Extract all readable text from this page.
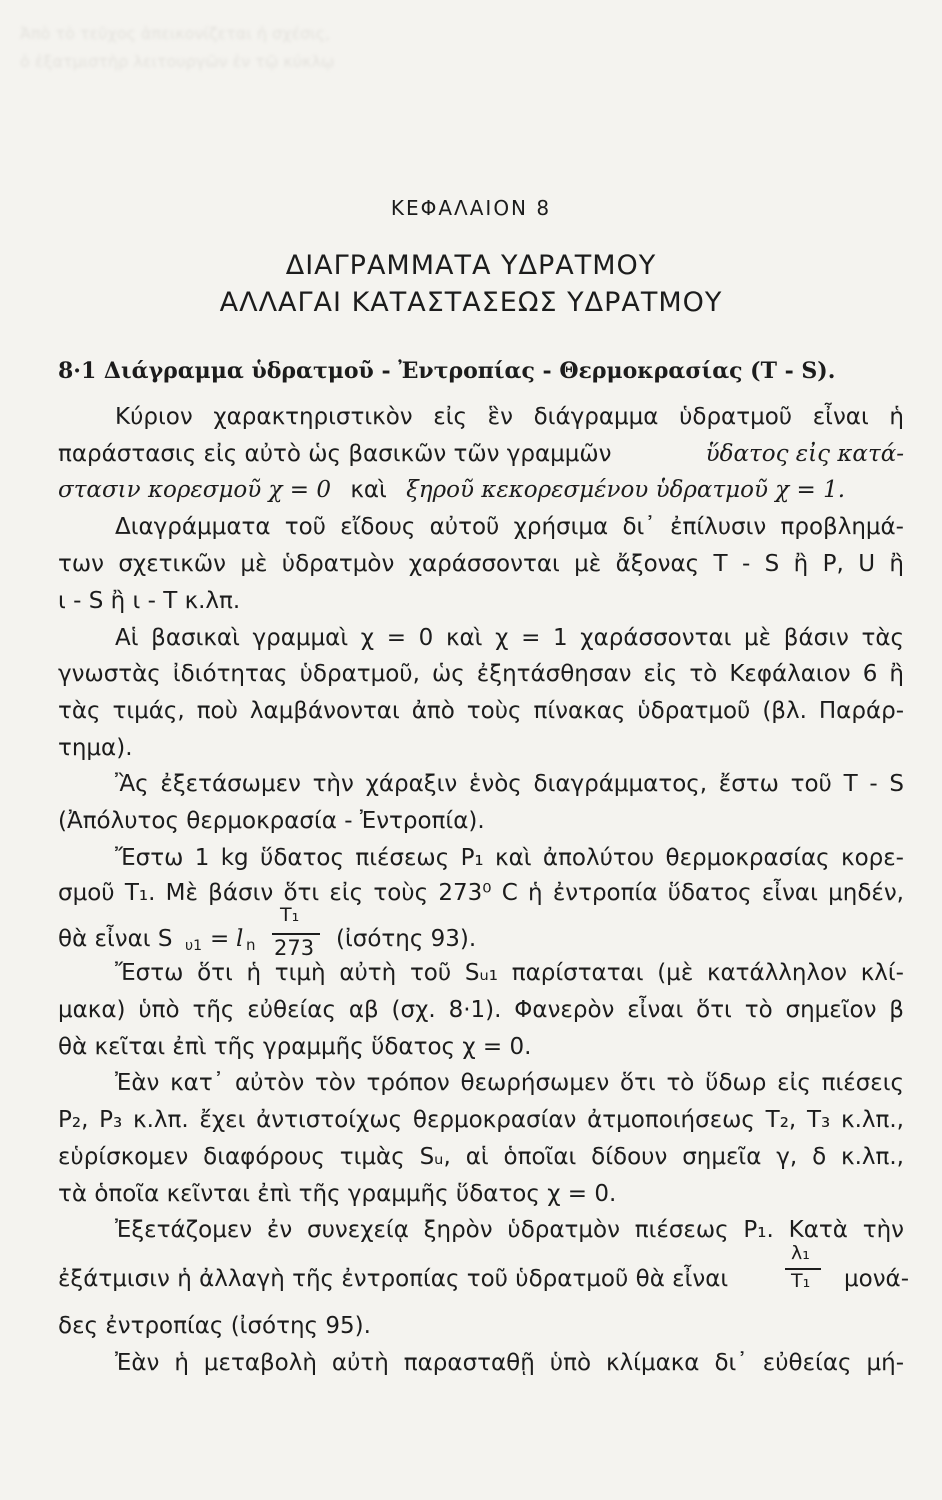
Ἀπὸ τὸ τεῦχος ἀπεικονίζεται ἡ σχέσις,
ὁ ἐξατμιστὴρ λειτουργῶν ἐν τῷ κύκλῳ
ΚΕΦΑΛΑΙΟΝ 8
ΔΙΑΓΡΑΜΜΑΤΑ ΥΔΡΑΤΜΟΥ
ΑΛΛΑΓΑΙ ΚΑΤΑΣΤΑΣΕΩΣ ΥΔΡΑΤΜΟΥ
8·1 Διάγραμμα ὑδρατμοῦ - Ἐντροπίας - Θερμοκρασίας (T - S).
Κύριον χαρακτηριστικὸν εἰς ἓν διάγραμμα ὑδρατμοῦ εἶναι ἡ
παράστασις εἰς αὐτὸ ὡς βασικῶν τῶν γραμμῶν	ὕδατος εἰς κατά-
στασιν κορεσμοῦ χ = 0 καὶ ξηροῦ κεκορεσμένου ὑδρατμοῦ χ = 1.
Διαγράμματα τοῦ εἴδους αὐτοῦ χρήσιμα δι᾽ ἐπίλυσιν προβλημά-
των σχετικῶν μὲ ὑδρατμὸν χαράσσονται μὲ ἄξονας T - S ἢ P, U ἢ
ι - S ἢ ι - T κ.λπ.
Αἱ βασικαὶ γραμμαὶ χ = 0 καὶ χ = 1 χαράσσονται μὲ βάσιν τὰς
γνωστὰς ἰδιότητας ὑδρατμοῦ, ὡς ἐξητάσθησαν εἰς τὸ Κεφάλαιον 6 ἢ
τὰς τιμάς, ποὺ λαμβάνονται ἀπὸ τοὺς πίνακας ὑδρατμοῦ (βλ. Παράρ-
τημα).
Ἂς ἐξετάσωμεν τὴν χάραξιν ἑνὸς διαγράμματος, ἔστω τοῦ T - S
(Ἀπόλυτος θερμοκρασία - Ἐντροπία).
Ἔστω 1 kg ὕδατος πιέσεως P₁ καὶ ἀπολύτου θερμοκρασίας κορε-
σμοῦ T₁. Μὲ βάσιν ὅτι εἰς τοὺς 273⁰ C ἡ ἐντροπία ὕδατος εἶναι μηδέν,
θὰ εἶναι S υ1 = l n
T₁
273 (ἰσότης 93).
Ἔστω ὅτι ἡ τιμὴ αὐτὴ τοῦ Sᵤ₁ παρίσταται (μὲ κατάλληλον κλί-
μακα) ὑπὸ τῆς εὐθείας αβ (σχ. 8·1). Φανερὸν εἶναι ὅτι τὸ σημεῖον β
θὰ κεῖται ἐπὶ τῆς γραμμῆς ὕδατος χ = 0.
Ἐὰν κατ᾽ αὐτὸν τὸν τρόπον θεωρήσωμεν ὅτι τὸ ὕδωρ εἰς πιέσεις
P₂, P₃ κ.λπ. ἔχει ἀντιστοίχως θερμοκρασίαν ἀτμοποιήσεως T₂, T₃ κ.λπ.,
εὑρίσκομεν διαφόρους τιμὰς Sᵤ, αἱ ὁποῖαι δίδουν σημεῖα γ, δ κ.λπ.,
τὰ ὁποῖα κεῖνται ἐπὶ τῆς γραμμῆς ὕδατος χ = 0.
Ἐξετάζομεν ἐν συνεχείᾳ ξηρὸν ὑδρατμὸν πιέσεως P₁. Κατὰ τὴν
ἐξάτμισιν ἡ ἀλλαγὴ τῆς ἐντροπίας τοῦ ὑδρατμοῦ θὰ εἶναι
λ₁
T₁ μονά-
δες ἐντροπίας (ἰσότης 95).
Ἐὰν ἡ μεταβολὴ αὐτὴ παρασταθῇ ὑπὸ κλίμακα δι᾽ εὐθείας μή-
